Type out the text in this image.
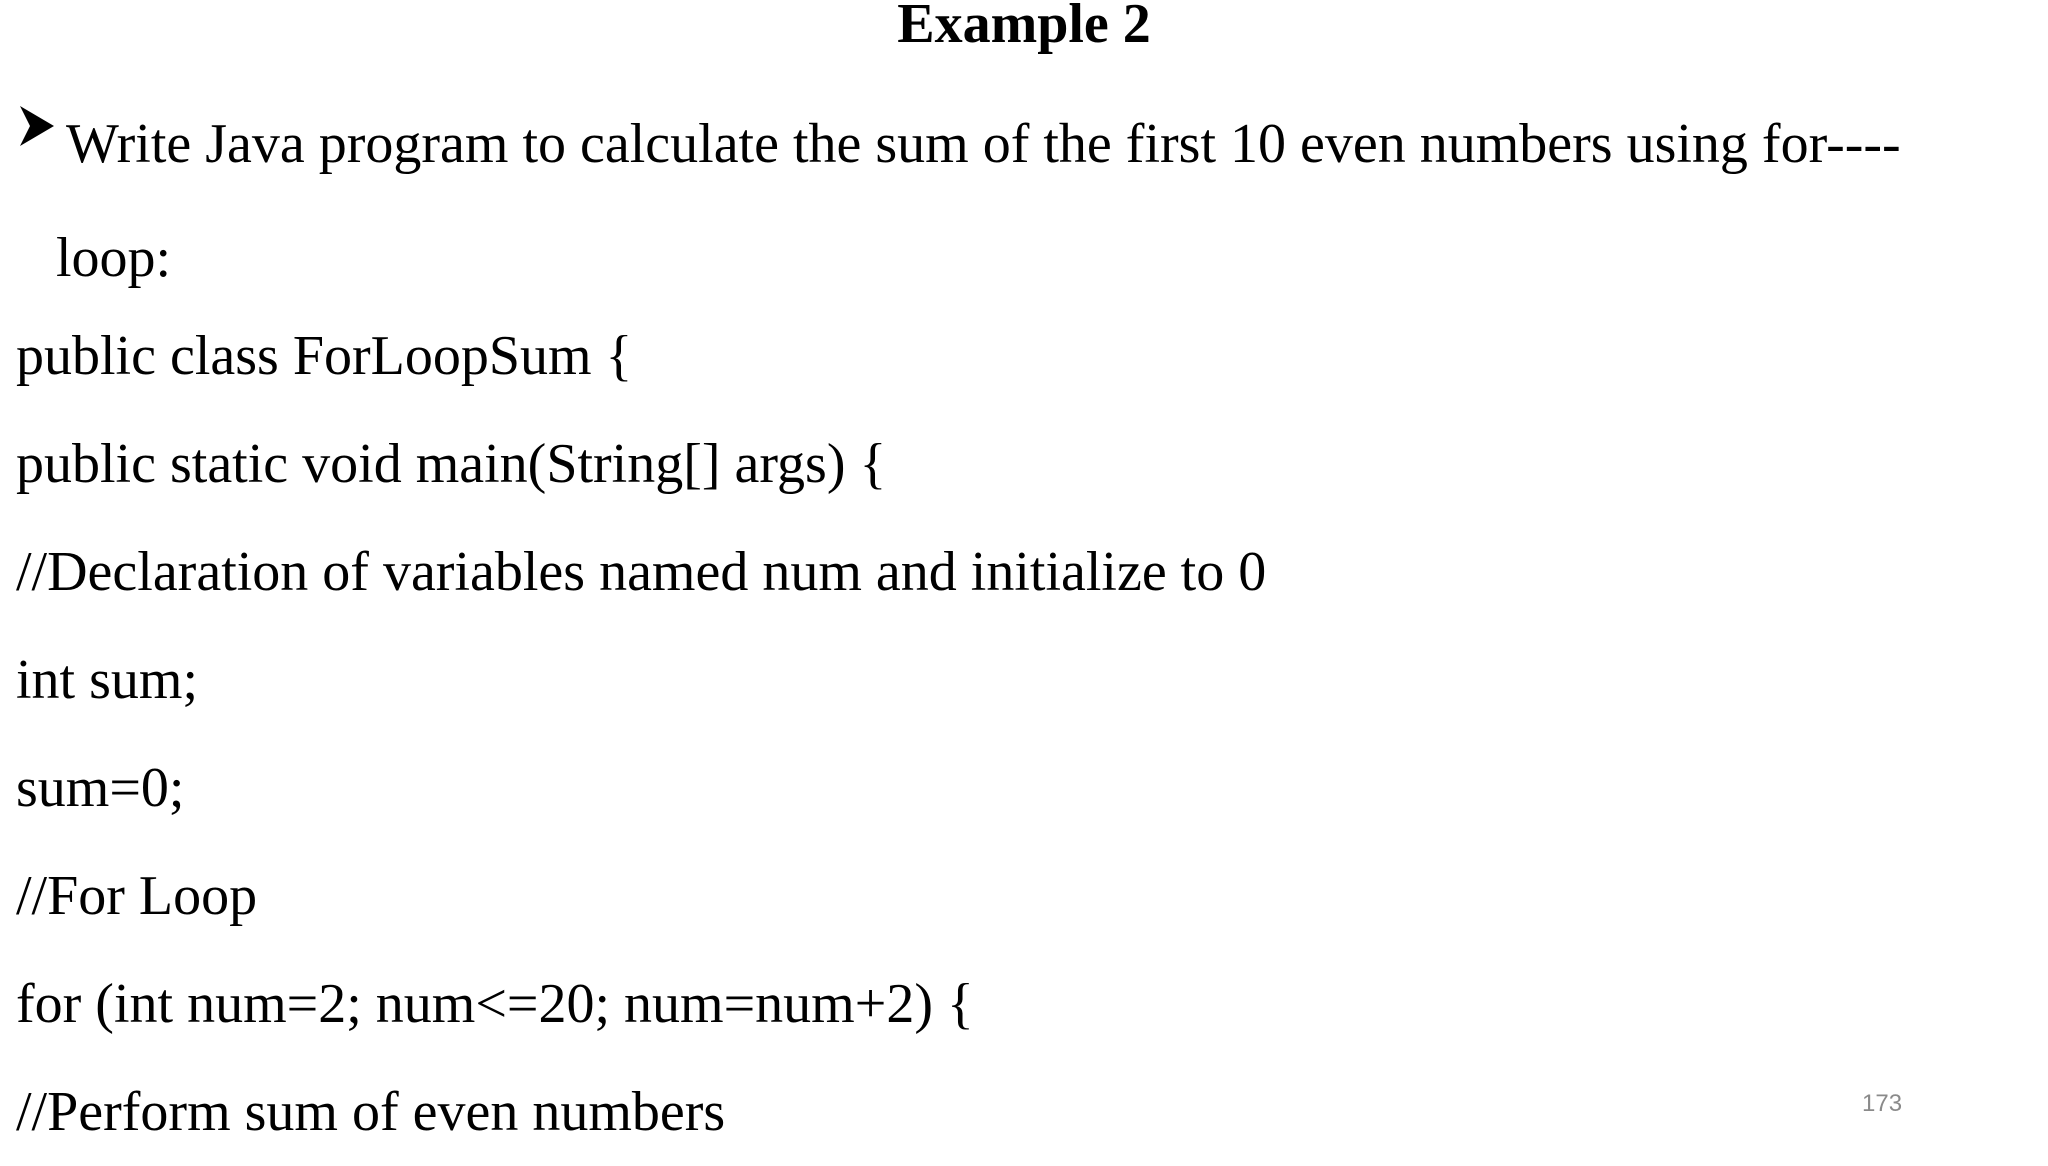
Example 2
Write Java program to calculate the sum of the first 10 even numbers using for----
loop:
public class ForLoopSum {
public static void main(String[] args) {
//Declaration of variables named num and initialize to 0
int sum;
sum=0;
//For Loop
for (int num=2; num<=20; num=num+2) {
//Perform sum of even numbers	173
